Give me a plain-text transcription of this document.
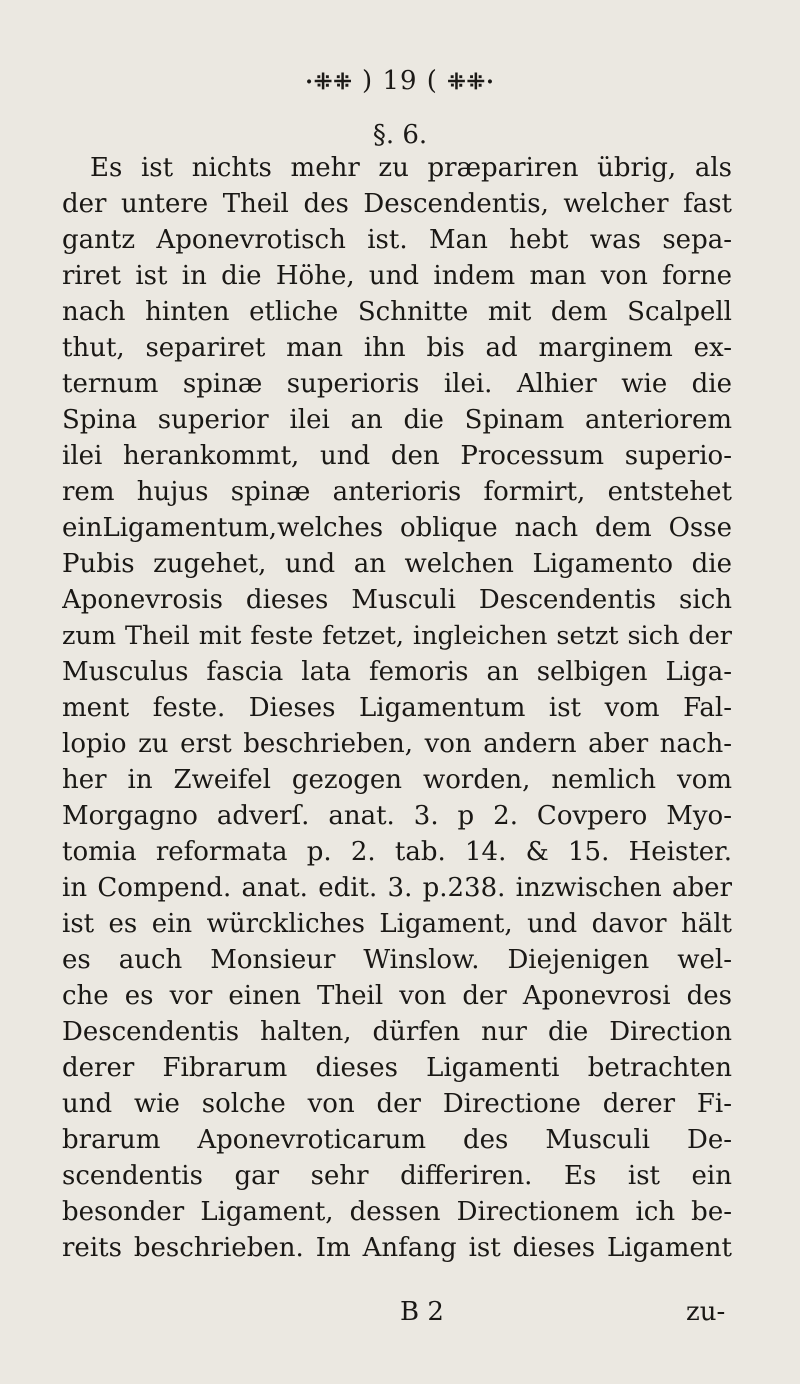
·⁜⁜ ) 19 ( ⁜⁜·
§. 6.
Es ist nichts mehr zu præpariren übrig, als
der untere Theil des Descendentis, welcher fast
gantz Aponevrotisch ist. Man hebt was sepa-
riret ist in die Höhe, und indem man von forne
nach hinten etliche Schnitte mit dem Scalpell
thut, separiret man ihn bis ad marginem ex-
ternum spinæ superioris ilei. Alhier wie die
Spina superior ilei an die Spinam anteriorem
ilei herankommt, und den Processum superio-
rem hujus spinæ anterioris formirt, entstehet
einLigamentum,welches oblique nach dem Osse
Pubis zugehet, und an welchen Ligamento die
Aponevrosis dieses Musculi Descendentis sich
zum Theil mit feste fetzet, ingleichen setzt sich der
Musculus fascia lata femoris an selbigen Liga-
ment feste. Dieses Ligamentum ist vom Fal-
lopio zu erst beschrieben, von andern aber nach-
her in Zweifel gezogen worden, nemlich vom
Morgagno adverſ. anat. 3. p 2. Covpero Myo-
tomia reformata p. 2. tab. 14. & 15. Heister.
in Compend. anat. edit. 3. p.238. inzwischen aber
ist es ein würckliches Ligament, und davor hält
es auch Monsieur Winslow. Diejenigen wel-
che es vor einen Theil von der Aponevrosi des
Descendentis halten, dürfen nur die Direction
derer Fibrarum dieses Ligamenti betrachten
und wie solche von der Directione derer Fi-
brarum Aponevroticarum des Musculi De-
scendentis gar sehr differiren. Es ist ein
besonder Ligament, dessen Directionem ich be-
reits beschrieben. Im Anfang ist dieses Ligament
B 2	zu-
